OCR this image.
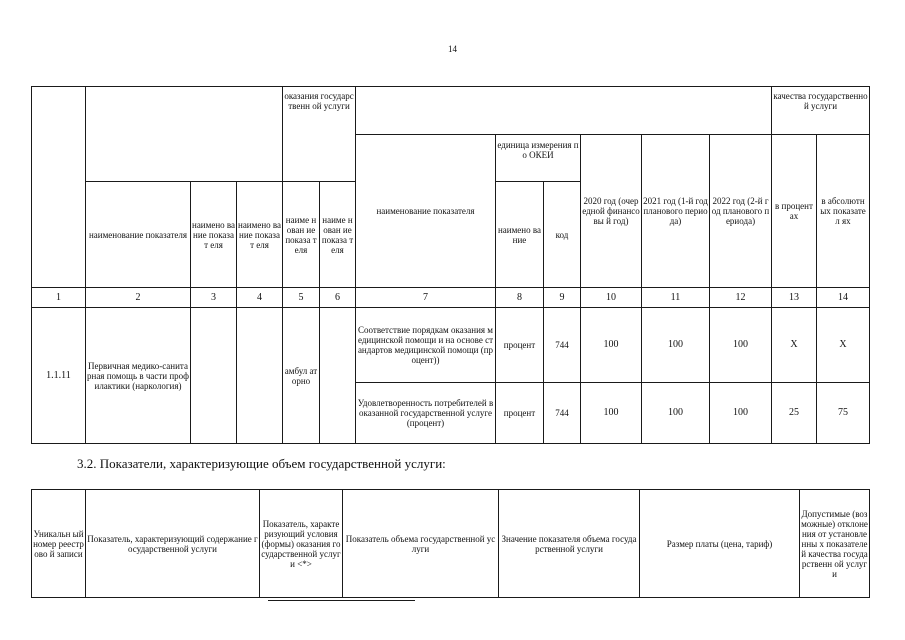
14
				оказания государственн ой услуги								качества государственной услуги	
						наименование показателя	единица измерения по ОКЕИ		2020 год (очередной финансовы й год)	2021 год (1-й год планового периода)	2022 год (2-й год планового периода)	в процент ах	в абсолютн ых показател ях
	наименование показателя	наимено вание показат еля	наимено вание показат еля	наиме нован ие показа теля	наиме нован ие показа теля		наимено вание	код					
1	2	3	4	5	6	7	8	9	10	11	12	13	14
1.1.11	Первичная медико-санитарная помощь в части профилактики (наркология)			амбул аторно		Соответствие порядкам оказания медицинской помощи и на основе стандартов медицинской помощи (процент))	процент	744	100	100	100	X	X
						Удовлетворенность потребителей в оказанной государственной услуге (процент)	процент	744	100	100	100	25	75
3.2. Показатели, характеризующие объем государственной услуги:
Уникальн ый номер реестрово й записи	Показатель, характеризующий содержание государственной услуги	Показатель, характеризующий условия (формы) оказания государственной услуги <*>	Показатель объема государственной услуги	Значение показателя объема государственной услуги	Размер платы (цена, тариф)	Допустимые (возможные) отклонения от установленны х показателей качества государственн ой услуги
